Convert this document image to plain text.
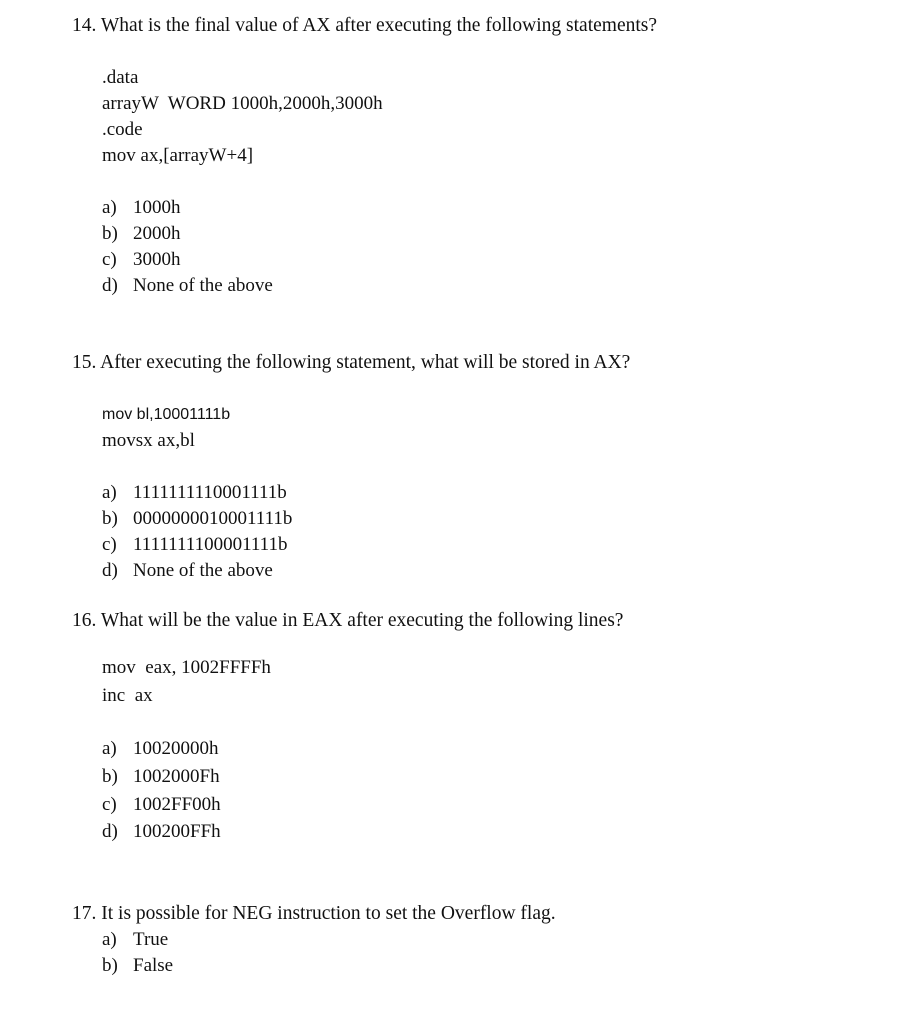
14. What is the final value of AX after executing the following statements?
.data
arrayW  WORD 1000h,2000h,3000h
.code
mov ax,[arrayW+4]
a) 1000h
b) 2000h
c) 3000h
d) None of the above
15. After executing the following statement, what will be stored in AX?
mov bl,10001111b
movsx ax,bl
a) 1111111110001111b
b) 0000000010001111b
c) 1111111100001111b
d) None of the above
16. What will be the value in EAX after executing the following lines?
mov  eax, 1002FFFFh
inc  ax
a) 10020000h
b) 1002000Fh
c) 1002FF00h
d) 100200FFh
17. It is possible for NEG instruction to set the Overflow flag.
a) True
b) False
